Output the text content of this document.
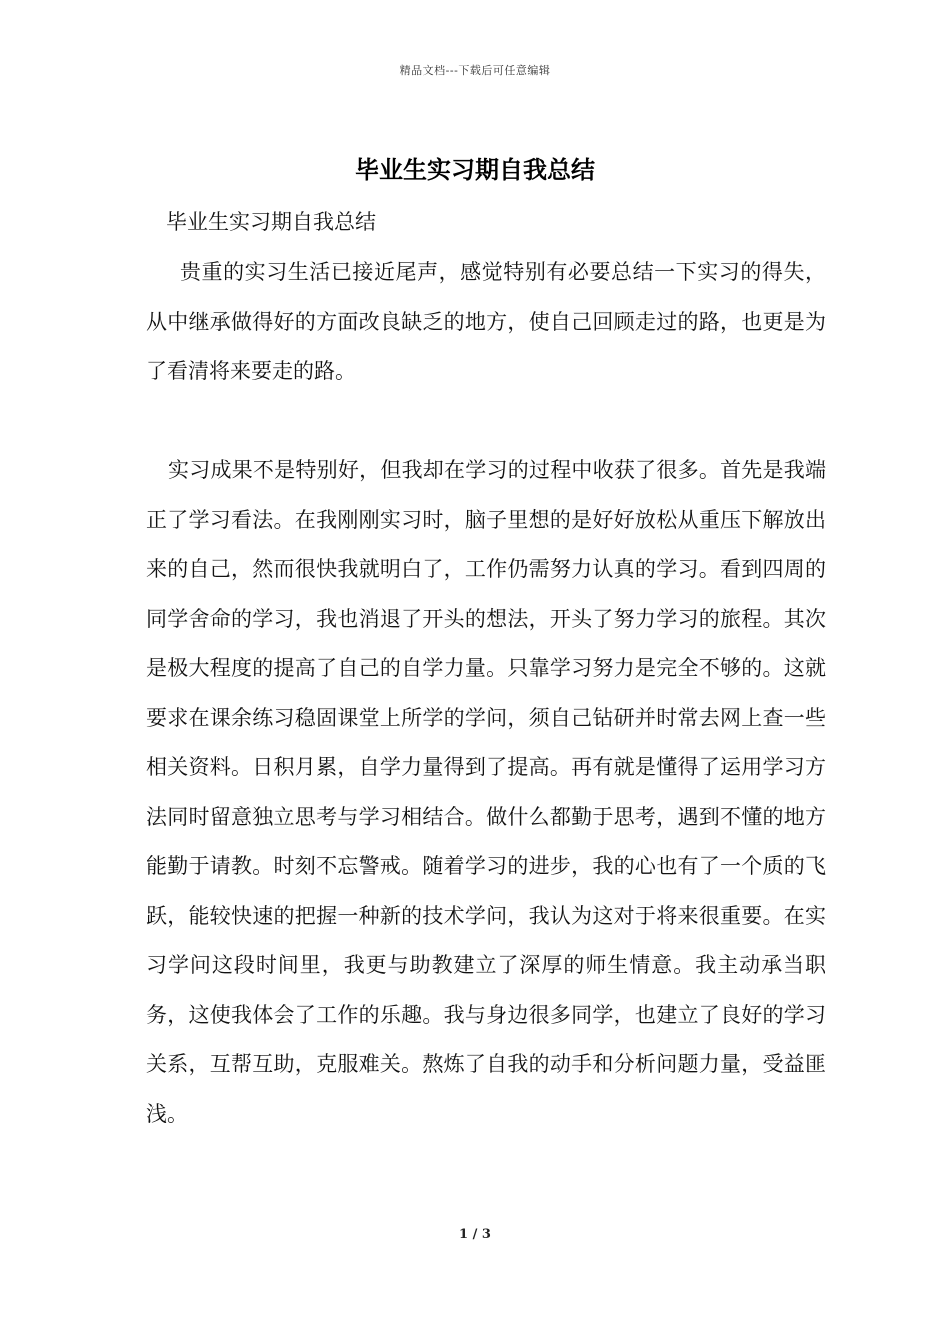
精品文档---下载后可任意编辑
毕业生实习期自我总结

毕业生实习期自我总结

贵重的实习生活已接近尾声，感觉特别有必要总结一下实习的得失，从中继承做得好的方面改良缺乏的地方，使自己回顾走过的路，也更是为了看清将来要走的路。

实习成果不是特别好，但我却在学习的过程中收获了很多。首先是我端正了学习看法。在我刚刚实习时，脑子里想的是好好放松从重压下解放出来的自己，然而很快我就明白了，工作仍需努力认真的学习。看到四周的同学舍命的学习，我也消退了开头的想法，开头了努力学习的旅程。其次是极大程度的提高了自己的自学力量。只靠学习努力是完全不够的。这就要求在课余练习稳固课堂上所学的学问，须自己钻研并时常去网上查一些相关资料。日积月累，自学力量得到了提高。再有就是懂得了运用学习方法同时留意独立思考与学习相结合。做什么都勤于思考，遇到不懂的地方能勤于请教。时刻不忘警戒。随着学习的进步，我的心也有了一个质的飞跃，能较快速的把握一种新的技术学问，我认为这对于将来很重要。在实习学问这段时间里，我更与助教建立了深厚的师生情意。我主动承当职务，这使我体会了工作的乐趣。我与身边很多同学，也建立了良好的学习关系，互帮互助，克服难关。熬炼了自我的动手和分析问题力量，受益匪浅。

1 / 3
